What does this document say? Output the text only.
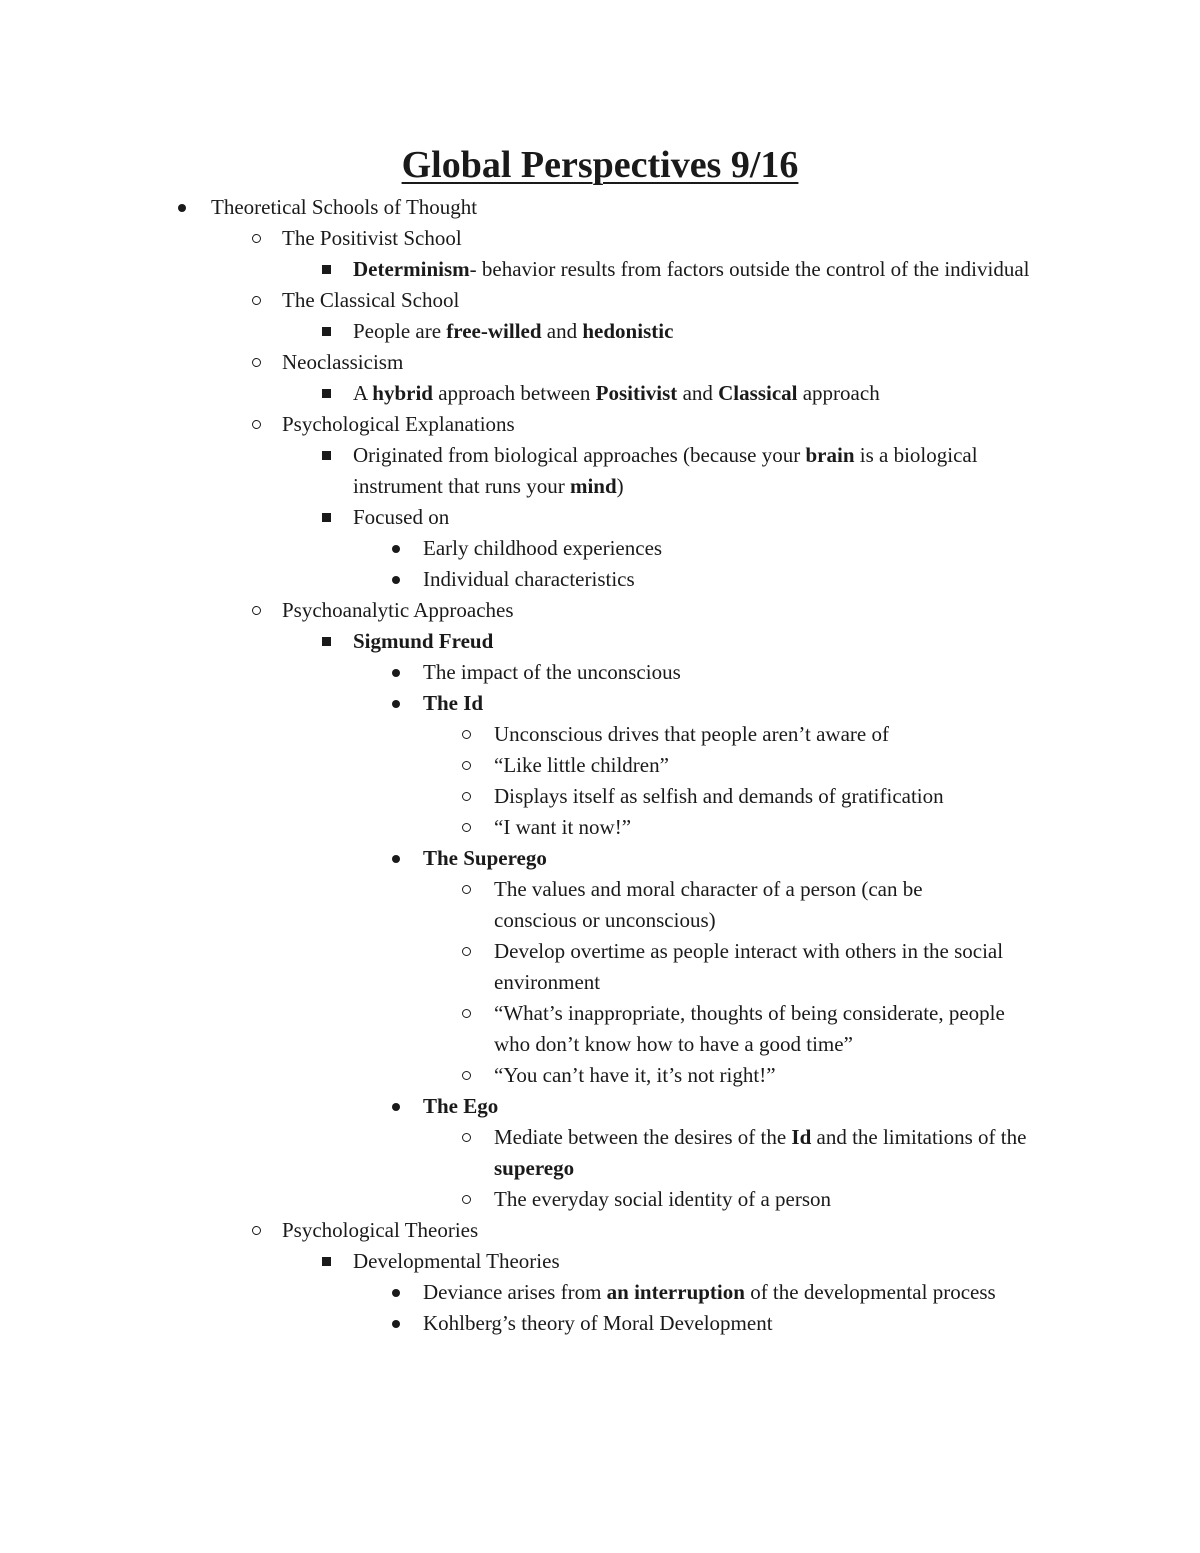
Global Perspectives 9/16
Theoretical Schools of Thought
The Positivist School
Determinism- behavior results from factors outside the control of the individual
The Classical School
People are free-willed and hedonistic
Neoclassicism
A hybrid approach between Positivist and Classical approach
Psychological Explanations
Originated from biological approaches (because your brain is a biological instrument that runs your mind)
Focused on
Early childhood experiences
Individual characteristics
Psychoanalytic Approaches
Sigmund Freud
The impact of the unconscious
The Id
Unconscious drives that people aren’t aware of
“Like little children”
Displays itself as selfish and demands of gratification
“I want it now!”
The Superego
The values and moral character of a person (can be conscious or unconscious)
Develop overtime as people interact with others in the social environment
“What’s inappropriate, thoughts of being considerate, people who don’t know how to have a good time”
“You can’t have it, it’s not right!”
The Ego
Mediate between the desires of the Id and the limitations of the superego
The everyday social identity of a person
Psychological Theories
Developmental Theories
Deviance arises from an interruption of the developmental process
Kohlberg’s theory of Moral Development
